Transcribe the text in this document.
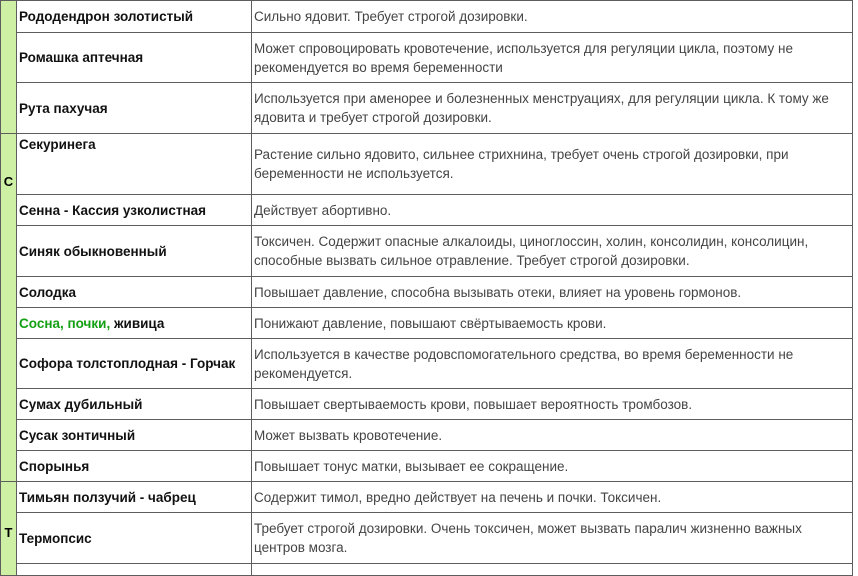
	Рододендрон золотистый	Сильно ядовит. Требует строгой дозировки.
	Ромашка аптечная	Может спровоцировать кровотечение, используется для регуляции цикла, поэтому не рекомендуется во время беременности
	Рута пахучая	Используется при аменорее и болезненных менструациях, для регуляции цикла. К тому же ядовита и требует строгой дозировки.
С	Секуринега	Растение сильно ядовито, сильнее стрихнина, требует очень строгой дозировки, при беременности не используется.
	Сенна - Кассия узколистная	Действует абортивно.
	Синяк обыкновенный	Токсичен. Содержит опасные алкалоиды, циноглоссин, холин, консолидин, консолицин, способные вызвать сильное отравление. Требует строгой дозировки.
	Солодка	Повышает давление, способна вызывать отеки, влияет на уровень гормонов.
	Сосна, почки, живица	Понижают давление, повышают свёртываемость крови.
	Софора толстоплодная - Горчак	Используется в качестве родовспомогательного средства, во время беременности не рекомендуется.
	Сумах дубильный	Повышает свертываемость крови, повышает вероятность тромбозов.
	Сусак зонтичный	Может вызвать кровотечение.
	Спорынья	Повышает тонус матки, вызывает ее сокращение.
Т	Тимьян ползучий - чабрец	Содержит тимол, вредно действует на печень и почки. Токсичен.
	Термопсис	Требует строгой дозировки. Очень токсичен, может вызвать паралич жизненно важных центров мозга.
